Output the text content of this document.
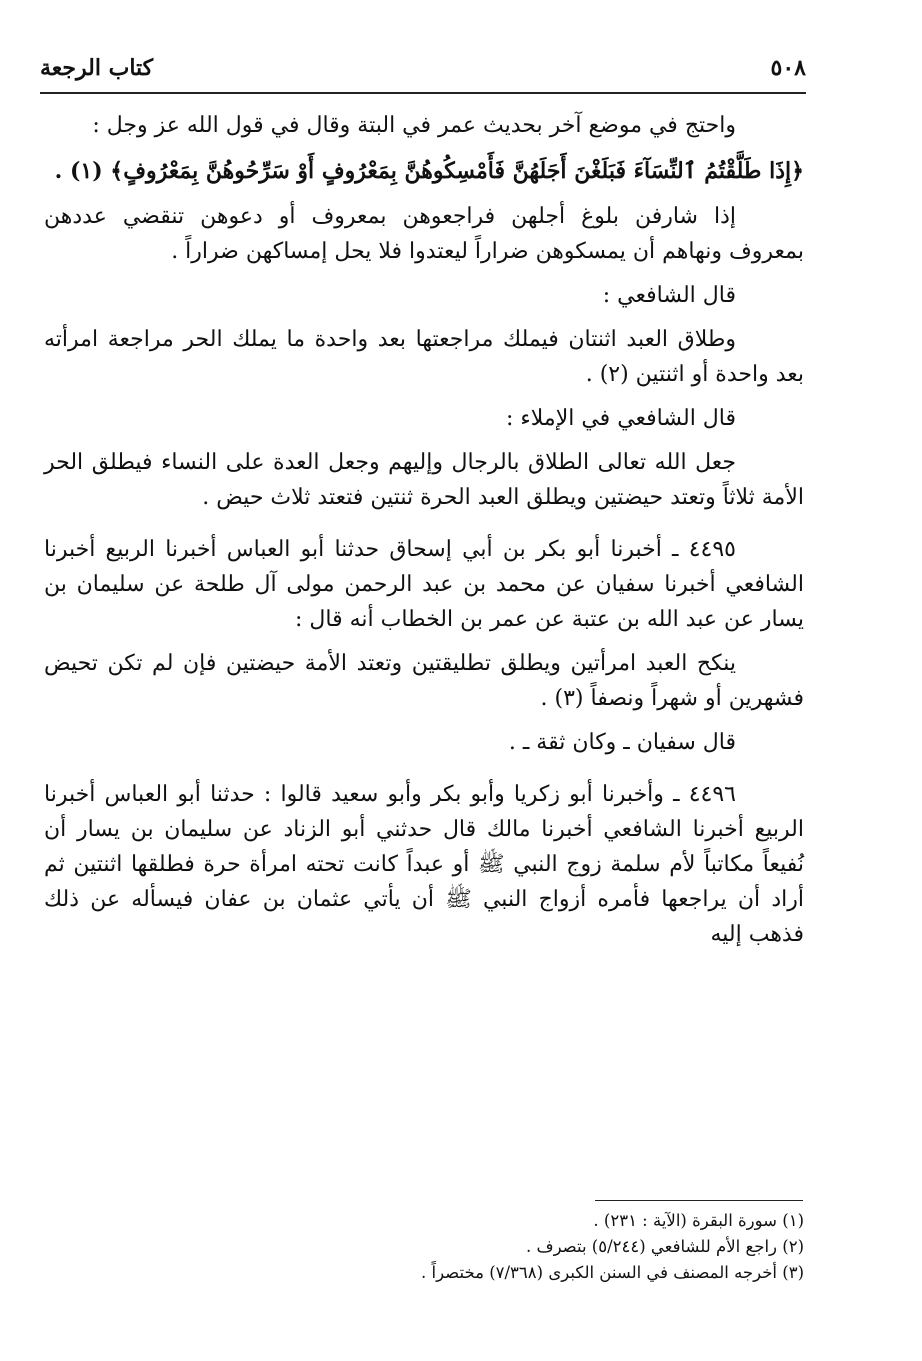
٥٠٨
كتاب الرجعة

واحتج في موضع آخر بحديث عمر في البتة وقال في قول الله عز وجل :

﴿إِذَا طَلَّقْتُمُ ٱلنِّسَآءَ فَبَلَغْنَ أَجَلَهُنَّ فَأَمْسِكُوهُنَّ بِمَعْرُوفٍ أَوْ سَرِّحُوهُنَّ بِمَعْرُوفٍ﴾ (١) .

إذا شارفن بلوغ أجلهن فراجعوهن بمعروف أو دعوهن تنقضي عددهن بمعروف ونهاهم أن يمسكوهن ضراراً ليعتدوا فلا يحل إمساكهن ضراراً .

قال الشافعي :

وطلاق العبد اثنتان فيملك مراجعتها بعد واحدة ما يملك الحر مراجعة امرأته بعد واحدة أو اثنتين (٢) .

قال الشافعي في الإملاء :

جعل الله تعالى الطلاق بالرجال وإليهم وجعل العدة على النساء فيطلق الحر الأمة ثلاثاً وتعتد حيضتين ويطلق العبد الحرة ثنتين فتعتد ثلاث حيض .

٤٤٩٥ ـ أخبرنا أبو بكر بن أبي إسحاق حدثنا أبو العباس أخبرنا الربيع أخبرنا الشافعي أخبرنا سفيان عن محمد بن عبد الرحمن مولى آل طلحة عن سليمان بن يسار عن عبد الله بن عتبة عن عمر بن الخطاب أنه قال :

ينكح العبد امرأتين ويطلق تطليقتين وتعتد الأمة حيضتين فإن لم تكن تحيض فشهرين أو شهراً ونصفاً (٣) .

قال سفيان ـ وكان ثقة ـ .

٤٤٩٦ ـ وأخبرنا أبو زكريا وأبو بكر وأبو سعيد قالوا : حدثنا أبو العباس أخبرنا الربيع أخبرنا الشافعي أخبرنا مالك قال حدثني أبو الزناد عن سليمان بن يسار أن نُفيعاً مكاتباً لأم سلمة زوج النبي ﷺ أو عبداً كانت تحته امرأة حرة فطلقها اثنتين ثم أراد أن يراجعها فأمره أزواج النبي ﷺ أن يأتي عثمان بن عفان فيسأله عن ذلك فذهب إليه

(١) سورة البقرة (الآية : ٢٣١) .

(٢) راجع الأم للشافعي (٥/٢٤٤) بتصرف .

(٣) أخرجه المصنف في السنن الكبرى (٧/٣٦٨) مختصراً .
